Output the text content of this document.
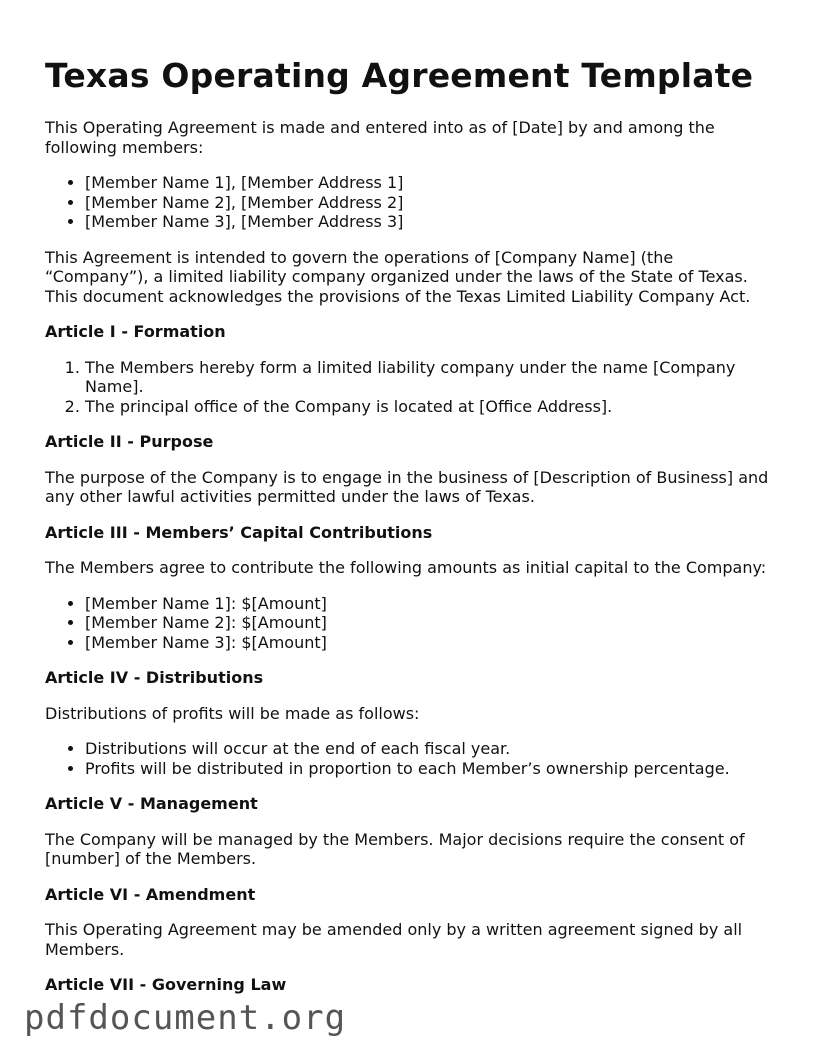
Texas Operating Agreement Template

This Operating Agreement is made and entered into as of [Date] by and among the following members:

• [Member Name 1], [Member Address 1]
• [Member Name 2], [Member Address 2]
• [Member Name 3], [Member Address 3]

This Agreement is intended to govern the operations of [Company Name] (the “Company”), a limited liability company organized under the laws of the State of Texas. This document acknowledges the provisions of the Texas Limited Liability Company Act.

Article I - Formation
1. The Members hereby form a limited liability company under the name [Company Name].
2. The principal office of the Company is located at [Office Address].
Article II - Purpose

The purpose of the Company is to engage in the business of [Description of Business] and any other lawful activities permitted under the laws of Texas.

Article III - Members’ Capital Contributions

The Members agree to contribute the following amounts as initial capital to the Company:

• [Member Name 1]: $[Amount]
• [Member Name 2]: $[Amount]
• [Member Name 3]: $[Amount]
Article IV - Distributions

Distributions of profits will be made as follows:

• Distributions will occur at the end of each fiscal year.
• Profits will be distributed in proportion to each Member’s ownership percentage.
Article V - Management

The Company will be managed by the Members. Major decisions require the consent of [number] of the Members.

Article VI - Amendment

This Operating Agreement may be amended only by a written agreement signed by all Members.

Article VII - Governing Law
pdfdocument.org
